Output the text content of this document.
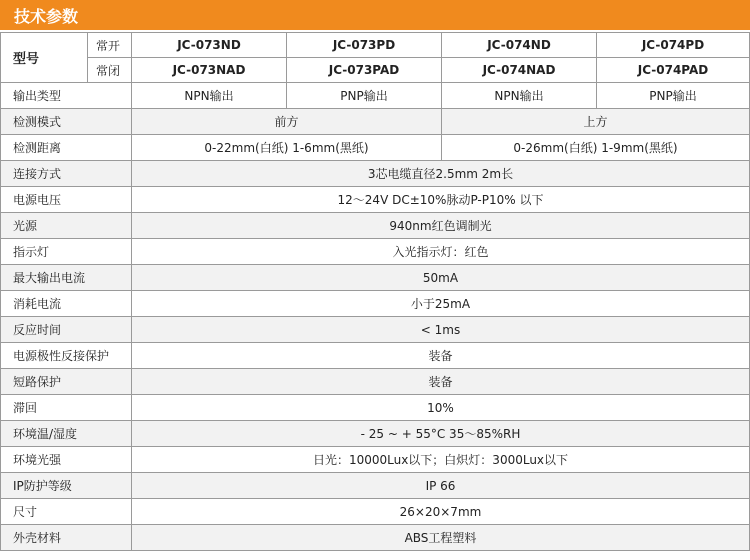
技术参数
型号	常开	JC-073ND	JC-073PD	JC-074ND	JC-074PD
	常闭	JC-073NAD	JC-073PAD	JC-074NAD	JC-074PAD
输出类型		NPN输出	PNP输出	NPN输出	PNP输出
检测模式		前方		上方	
检测距离		0-22mm(白纸) 1-6mm(黑纸)		0-26mm(白纸) 1-9mm(黑纸)	
连接方式		3芯电缆直径2.5mm 2m长			
电源电压		12～24V DC±10%脉动P-P10% 以下			
光源		940nm红色调制光			
指示灯		入光指示灯：红色			
最大输出电流		50mA			
消耗电流		小于25mA			
反应时间		< 1ms			
电源极性反接保护		装备			
短路保护		装备			
滞回		10%			
环境温/湿度		- 25 ~ + 55°C 35～85%RH			
环境光强		日光：10000Lux以下；白炽灯：3000Lux以下			
IP防护等级		IP 66			
尺寸		26×20×7mm			
外壳材料		ABS工程塑料			
